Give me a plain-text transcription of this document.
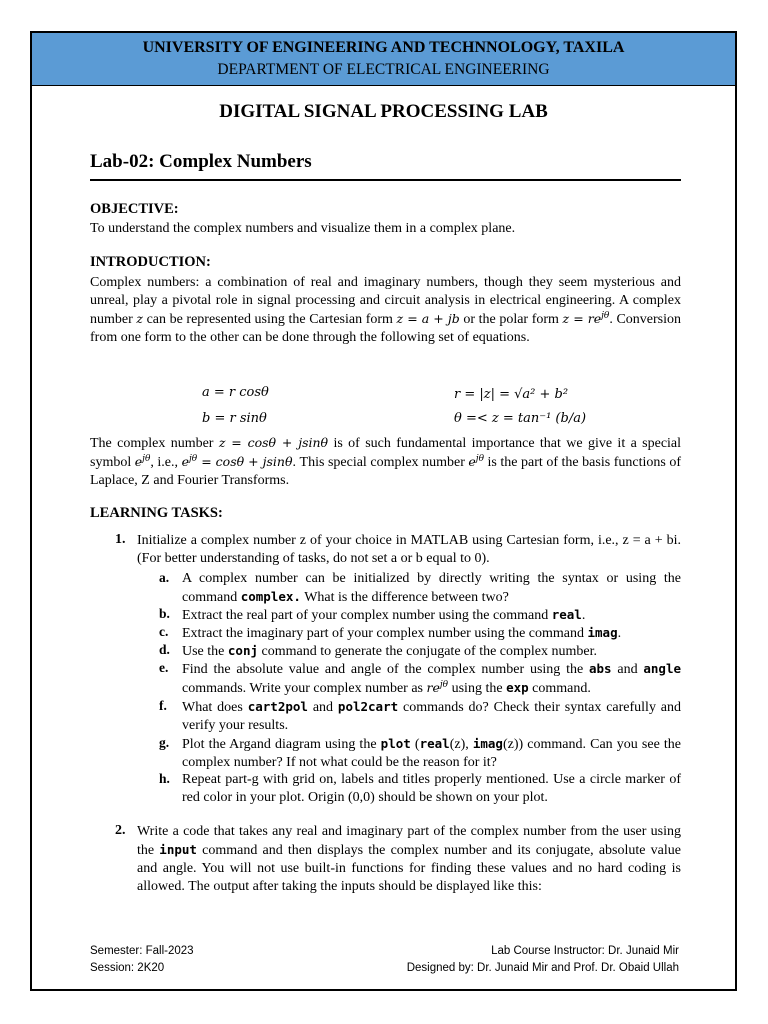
UNIVERSITY OF ENGINEERING AND TECHNNOLOGY, TAXILA
DEPARTMENT OF ELECTRICAL ENGINEERING
DIGITAL SIGNAL PROCESSING LAB
Lab-02: Complex Numbers
OBJECTIVE:
To understand the complex numbers and visualize them in a complex plane.
INTRODUCTION:
Complex numbers: a combination of real and imaginary numbers, though they seem mysterious and unreal, play a pivotal role in signal processing and circuit analysis in electrical engineering. A complex number z can be represented using the Cartesian form z = a + jb or the polar form $z = re^{j\theta}$. Conversion from one form to the other can be done through the following set of equations.
a = r cosθ
b = r sinθ
r = |z| = √a² + b²
θ =< z = tan⁻¹ (b/a)
The complex number z = cosθ + jsinθ is of such fundamental importance that we give it a special symbol $e^{j\theta}$, i.e., $e^{j\theta} = \cos\theta + jsin\theta$. This special complex number $e^{j\theta}$ is the part of the basis functions of Laplace, Z and Fourier Transforms.
LEARNING TASKS:
1. Initialize a complex number z of your choice in MATLAB using Cartesian form, i.e., z = a + bi. (For better understanding of tasks, do not set a or b equal to 0).
a. A complex number can be initialized by directly writing the syntax or using the command complex. What is the difference between two?
b. Extract the real part of your complex number using the command real.
c. Extract the imaginary part of your complex number using the command imag.
d. Use the conj command to generate the conjugate of the complex number.
e. Find the absolute value and angle of the complex number using the abs and angle commands. Write your complex number as $re^{j\theta}$ using the exp command.
f. What does cart2pol and pol2cart commands do? Check their syntax carefully and verify your results.
g. Plot the Argand diagram using the plot (real(z), imag(z)) command. Can you see the complex number? If not what could be the reason for it?
h. Repeat part-g with grid on, labels and titles properly mentioned. Use a circle marker of red color in your plot. Origin (0,0) should be shown on your plot.
2. Write a code that takes any real and imaginary part of the complex number from the user using the input command and then displays the complex number and its conjugate, absolute value and angle. You will not use built-in functions for finding these values and no hard coding is allowed. The output after taking the inputs should be displayed like this:
Semester: Fall-2023
Session: 2K20
Lab Course Instructor: Dr. Junaid Mir
Designed by: Dr. Junaid Mir and Prof. Dr. Obaid Ullah
